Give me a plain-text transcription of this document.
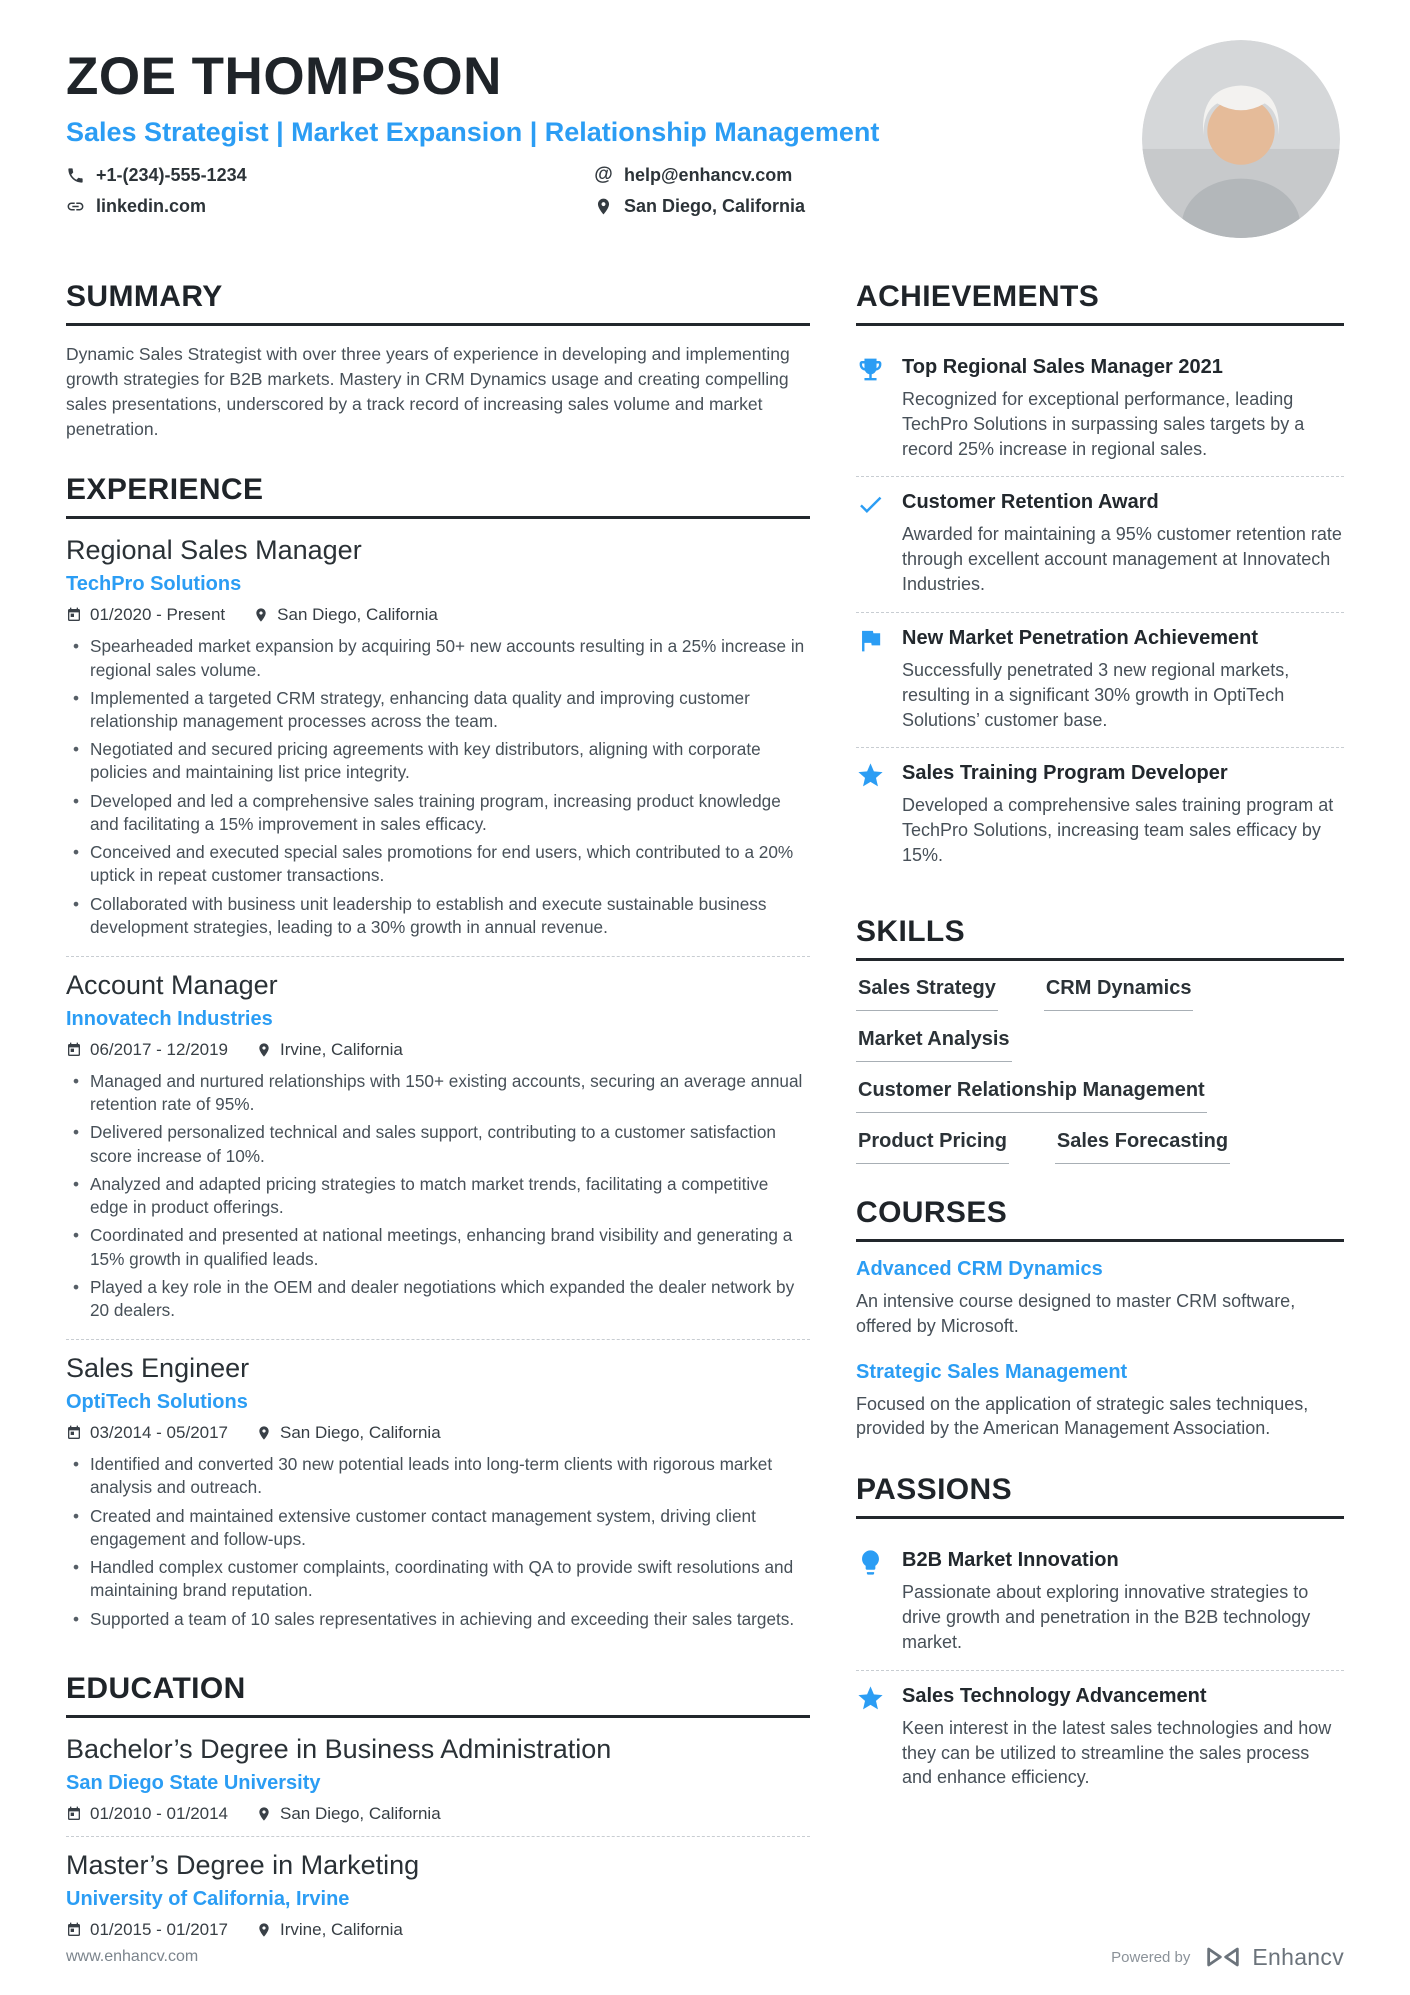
ZOE THOMPSON
Sales Strategist | Market Expansion | Relationship Management
+1-(234)-555-1234	@ help@enhancv.com
linkedin.com	San Diego, California
SUMMARY

Dynamic Sales Strategist with over three years of experience in developing and implementing growth strategies for B2B markets. Mastery in CRM Dynamics usage and creating compelling sales presentations, underscored by a track record of increasing sales volume and market penetration.

EXPERIENCE
Regional Sales Manager
TechPro Solutions
01/2020 - Present	San Diego, California
• Spearheaded market expansion by acquiring 50+ new accounts resulting in a 25% increase in regional sales volume.
• Implemented a targeted CRM strategy, enhancing data quality and improving customer relationship management processes across the team.
• Negotiated and secured pricing agreements with key distributors, aligning with corporate policies and maintaining list price integrity.
• Developed and led a comprehensive sales training program, increasing product knowledge and facilitating a 15% improvement in sales efficacy.
• Conceived and executed special sales promotions for end users, which contributed to a 20% uptick in repeat customer transactions.
• Collaborated with business unit leadership to establish and execute sustainable business development strategies, leading to a 30% growth in annual revenue.
Account Manager
Innovatech Industries
06/2017 - 12/2019	Irvine, California
• Managed and nurtured relationships with 150+ existing accounts, securing an average annual retention rate of 95%.
• Delivered personalized technical and sales support, contributing to a customer satisfaction score increase of 10%.
• Analyzed and adapted pricing strategies to match market trends, facilitating a competitive edge in product offerings.
• Coordinated and presented at national meetings, enhancing brand visibility and generating a 15% growth in qualified leads.
• Played a key role in the OEM and dealer negotiations which expanded the dealer network by 20 dealers.
Sales Engineer
OptiTech Solutions
03/2014 - 05/2017	San Diego, California
• Identified and converted 30 new potential leads into long-term clients with rigorous market analysis and outreach.
• Created and maintained extensive customer contact management system, driving client engagement and follow-ups.
• Handled complex customer complaints, coordinating with QA to provide swift resolutions and maintaining brand reputation.
• Supported a team of 10 sales representatives in achieving and exceeding their sales targets.
EDUCATION
Bachelor’s Degree in Business Administration
San Diego State University
01/2010 - 01/2014	San Diego, California
Master’s Degree in Marketing
University of California, Irvine
01/2015 - 01/2017	Irvine, California
ACHIEVEMENTS
Top Regional Sales Manager 2021
Recognized for exceptional performance, leading TechPro Solutions in surpassing sales targets by a record 25% increase in regional sales.
Customer Retention Award
Awarded for maintaining a 95% customer retention rate through excellent account management at Innovatech Industries.
New Market Penetration Achievement
Successfully penetrated 3 new regional markets, resulting in a significant 30% growth in OptiTech Solutions’ customer base.
Sales Training Program Developer
Developed a comprehensive sales training program at TechPro Solutions, increasing team sales efficacy by 15%.
SKILLS
Sales Strategy	CRM Dynamics
Market Analysis
Customer Relationship Management
Product Pricing	Sales Forecasting
COURSES
Advanced CRM Dynamics
An intensive course designed to master CRM software, offered by Microsoft.
Strategic Sales Management
Focused on the application of strategic sales techniques, provided by the American Management Association.
PASSIONS
B2B Market Innovation
Passionate about exploring innovative strategies to drive growth and penetration in the B2B technology market.
Sales Technology Advancement
Keen interest in the latest sales technologies and how they can be utilized to streamline the sales process and enhance efficiency.
www.enhancv.com	Powered by	Enhancv
